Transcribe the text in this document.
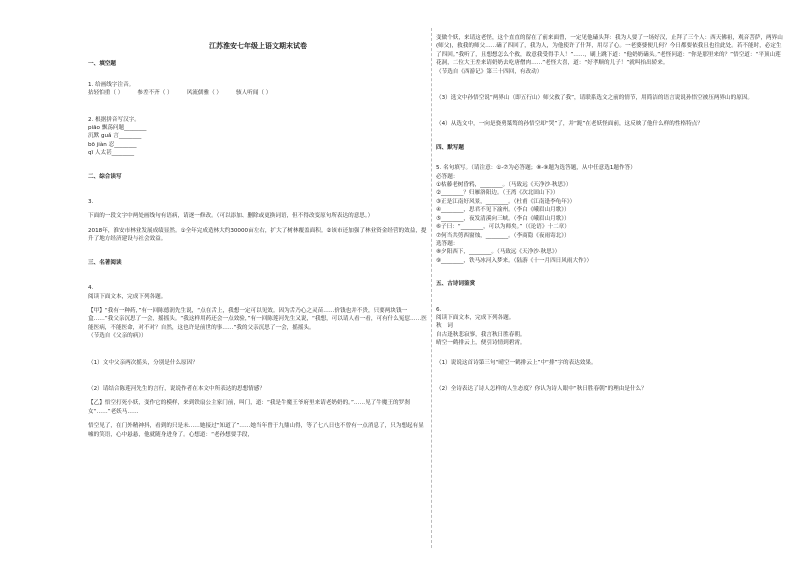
江苏淮安七年级上语文期末试卷
一、填空题
1. 给画线字注音。
拈轻怕重（ ）	参差不齐（ ）	风流儒雅（ ）	骇人听闻（ ）
2. 根据拼音写汉字。
piāo 飘荡问题________
沉默 guǎ 言________
bō jiàn 忍________
qī 人太甚________
二、综合读写
3.
下面的一段文字中两处画线句有语病，请逐一修改。（可以添加、删除或更换词语，但不得改变原句所表达的意思。）
2018年，淮安市林业发展成绩显然。①全年完成造林大约30000亩左右，扩大了树林覆盖面积。②该市还加强了林业资金经营的效益，提升了地方经济建设与社会效益。
三、名著阅读
4.
阅读下面文本，完成下列各题。
【甲】“我有一种药，”有一回陈德润先生说，“点在舌上，我想一定可以见效。因为舌乃心之灵苗……价钱也并不贵，只要两块钱一盒……”我父亲沉思了一会，摇摇头。“我这样用药还会一点效验，”有一回陈莲河先生又说，“我想，可以请人看一看，可有什么冤愆……医能医病，不能医命，对不对？自然，这也许是前世的事……”我的父亲沉思了一会，摇摇头。
（节选自《父亲的病》）
（1）文中父亲两次摇头，分别是什么原因？
（2）请结合陈莲河先生的言行，说说作者在本文中所表达的思想情感？
【乙】悟空打死小妖，变作它的模样，来到铁扇公主家门前，叫门，道：“我是牛魔王爷府里来请老奶奶的。”……见了牛魔王的罗刹女“……”老妖马……
悟空见了，在门外精神抖，看到的只是未……她接过“知道了”……她当年曾于九鼎山得，等了七八日也不曾有一点消息了，只为想起有显嘘的笑语，心中悬悬，他就随身进身了。心想道：“老孙想要手段，
变做个妖，来请这老怪，这个直直的留在了前来面曾，一定见他磕头拜：我为人要了一场好汉，止拜了三个人：西天佛祖，观音菩萨，两界山(师父)，救我的师父……磕了四回了，我为人，为他使许了什拜，用尽了心。一老婆婆便几何？今日都要依我且也往此处。若不能时，必定生了四回。”我听了，且想想怎么个救，故意我受得手人！”……，刷上跳下道：“他奶奶磕头。”老怪问道：“你是那里来的？”悟空道：“平顶山莲花洞，二位大王差来请奶奶去吃唐僧肉……”老怪大喜，道：“好孝顺的儿子！”就叫抬出轿来。
（节选自《西游记》第三十四回，有改动）
（3）选文中孙悟空说“两界山（即五行山）师父救了我”，请联系选文之前的情节，用简洁的语言说说孙悟空被压两界山的原因。
（4）从选文中，一向是骁勇桀骜的孙悟空却“哭”了，并“跪”在老妖怪面前，这反映了他什么样的性格特点？
四、默写题
5. 名句填写。（请注意：①-⑦为必答题；⑧-⑨题为选答题，从中任意选1题作答）
必答题：
①枯藤老树昏鸦，________。（马致远《天净沙·秋思》）
②________？归雁洛阳边。（王湾《次北固山下》）
③正是江南好风景，________。（杜甫《江南逢李龟年》）
④________，思君不见下渝州。（李白《峨眉山月歌》）
⑤________，夜发清溪向三峡。（李白《峨眉山月歌》）
⑥子曰：“________，可以为师矣。”（《论语》十二章）
⑦何当共剪西窗烛，________。（李商隐《夜雨寄北》）
选答题：
⑧夕阳西下，________。（马致远《天净沙·秋思》）
⑨________，铁马冰河入梦来。（陆游《十一月四日风雨大作》）
五、古诗词鉴赏
6.
阅读下面文本，完成下列各题。
秋　词
自古逢秋悲寂寥，我言秋日胜春朝。
晴空一鹤排云上，便引诗情到碧霄。
（1）说说这首诗第三句“晴空一鹤排云上”中“排”字的表达效果。
（2）全诗表达了诗人怎样的人生态度？你认为诗人眼中“秋日胜春朝”的理由是什么？
